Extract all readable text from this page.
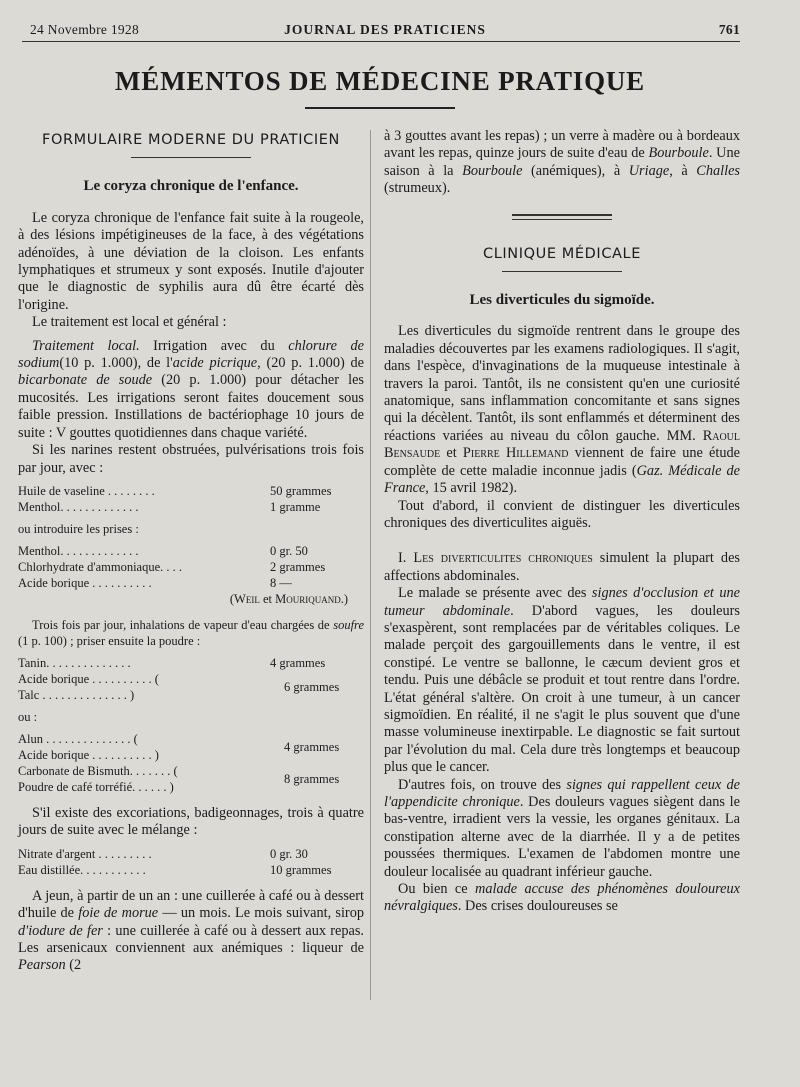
24 Novembre 1928	JOURNAL DES PRATICIENS	761
MÉMENTOS DE MÉDECINE PRATIQUE
FORMULAIRE MODERNE DU PRATICIEN
Le coryza chronique de l'enfance.

Le coryza chronique de l'enfance fait suite à la rougeole, à des lésions impétigineuses de la face, à des végétations adénoïdes, à une déviation de la cloison. Les enfants lymphatiques et strumeux y sont exposés. Inutile d'ajouter que le diagnostic de syphilis aura dû être écarté dès l'origine.

Le traitement est local et général :

Traitement local. Irrigation avec du chlorure de sodium(10 p. 1.000), de l'acide picrique, (20 p. 1.000) de bicarbonate de soude (20 p. 1.000) pour détacher les mucosités. Les irrigations seront faites doucement sous faible pression. Instillations de bactériophage 10 jours de suite : V gouttes quotidiennes dans chaque variété.

Si les narines restent obstruées, pulvérisations trois fois par jour, avec :

Huile de vaseline . . . . . . . .	50 grammes
Menthol. . . . . . . . . . . . .	1 gramme
ou introduire les prises :
Menthol. . . . . . . . . . . . .	0 gr. 50
Chlorhydrate d'ammoniaque. . . .	2 grammes
Acide borique . . . . . . . . . .	8 —
(Weil et Mouriquand.)

Trois fois par jour, inhalations de vapeur d'eau chargées de soufre (1 p. 100) ; priser ensuite la poudre :

Tanin. . . . . . . . . . . . . .	4 grammes
Acide borique . . . . . . . . . . (
Talc . . . . . . . . . . . . . . )
6 grammes
ou :
Alun . . . . . . . . . . . . . . (
Acide borique . . . . . . . . . . )
4 grammes
Carbonate de Bismuth. . . . . . . (
Poudre de café torréfié. . . . . . )
8 grammes

S'il existe des excoriations, badigeonnages, trois à quatre jours de suite avec le mélange :

Nitrate d'argent . . . . . . . . .	0 gr. 30
Eau distillée. . . . . . . . . . .	10 grammes

A jeun, à partir de un an : une cuillerée à café ou à dessert d'huile de foie de morue — un mois. Le mois suivant, sirop d'iodure de fer : une cuillerée à café ou à dessert aux repas. Les arsenicaux conviennent aux anémiques : liqueur de Pearson (2

à 3 gouttes avant les repas) ; un verre à madère ou à bordeaux avant les repas, quinze jours de suite d'eau de Bourboule. Une saison à la Bourboule (anémiques), à Uriage, à Challes (strumeux).

CLINIQUE MÉDICALE
Les diverticules du sigmoïde.

Les diverticules du sigmoïde rentrent dans le groupe des maladies découvertes par les examens radiologiques. Il s'agit, dans l'espèce, d'invaginations de la muqueuse intestinale à travers la paroi. Tantôt, ils ne consistent qu'en une curiosité anatomique, sans inflammation concomitante et sans signes qui la décèlent. Tantôt, ils sont enflammés et déterminent des réactions variées au niveau du côlon gauche. MM. Raoul Bensaude et Pierre Hillemand viennent de faire une étude complète de cette maladie inconnue jadis (Gaz. Médicale de France, 15 avril 1982).

Tout d'abord, il convient de distinguer les diverticules chroniques des diverticulites aiguës.

I. Les diverticulites chroniques simulent la plupart des affections abdominales.

Le malade se présente avec des signes d'occlusion et une tumeur abdominale. D'abord vagues, les douleurs s'exaspèrent, sont remplacées par de véritables coliques. Le malade perçoit des gargouillements dans le ventre, il est constipé. Le ventre se ballonne, le cæcum devient gros et tendu. Puis une débâcle se produit et tout rentre dans l'ordre. L'état général s'altère. On croit à une tumeur, à un cancer sigmoïdien. En réalité, il ne s'agit le plus souvent que d'une masse volumineuse inextirpable. Le diagnostic se fait surtout par l'évolution du mal. Cela dure très longtemps et beaucoup plus que le cancer.

D'autres fois, on trouve des signes qui rappellent ceux de l'appendicite chronique. Des douleurs vagues siègent dans le bas-ventre, irradient vers la vessie, les organes génitaux. La constipation alterne avec de la diarrhée. Il y a de petites poussées thermiques. L'examen de l'abdomen montre une douleur localisée au quadrant inférieur gauche.

Ou bien ce malade accuse des phénomènes douloureux névralgiques. Des crises douloureuses se
